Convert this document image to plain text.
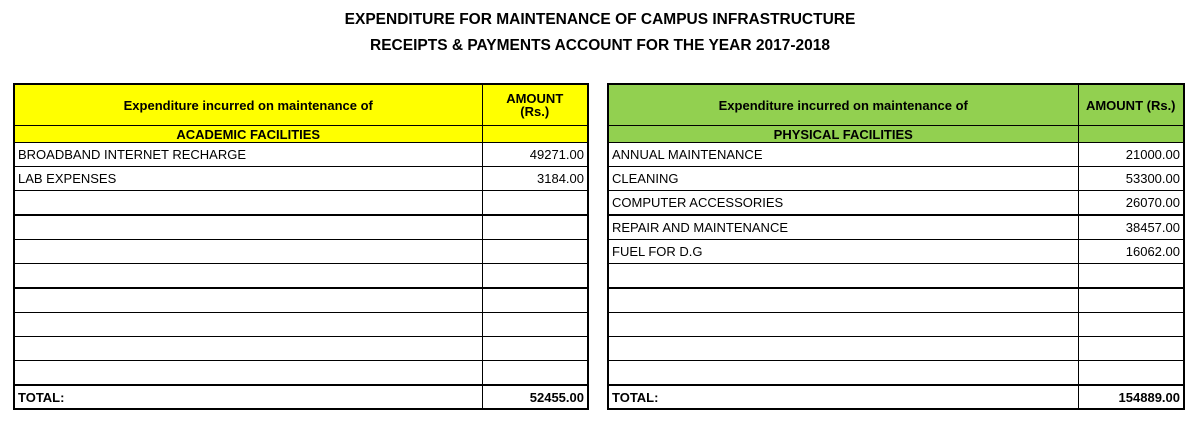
EXPENDITURE FOR MAINTENANCE OF CAMPUS INFRASTRUCTURE
RECEIPTS & PAYMENTS ACCOUNT FOR THE YEAR 2017-2018
Expenditure incurred on maintenance of	AMOUNT
(Rs.)
ACADEMIC FACILITIES	
BROADBAND INTERNET RECHARGE	49271.00
LAB EXPENSES	3184.00

TOTAL:	52455.00
Expenditure incurred on maintenance of	AMOUNT (Rs.)
PHYSICAL FACILITIES	
ANNUAL MAINTENANCE	21000.00
CLEANING	53300.00
COMPUTER ACCESSORIES	26070.00
REPAIR AND MAINTENANCE	38457.00
FUEL FOR D.G	16062.00

TOTAL:	154889.00
